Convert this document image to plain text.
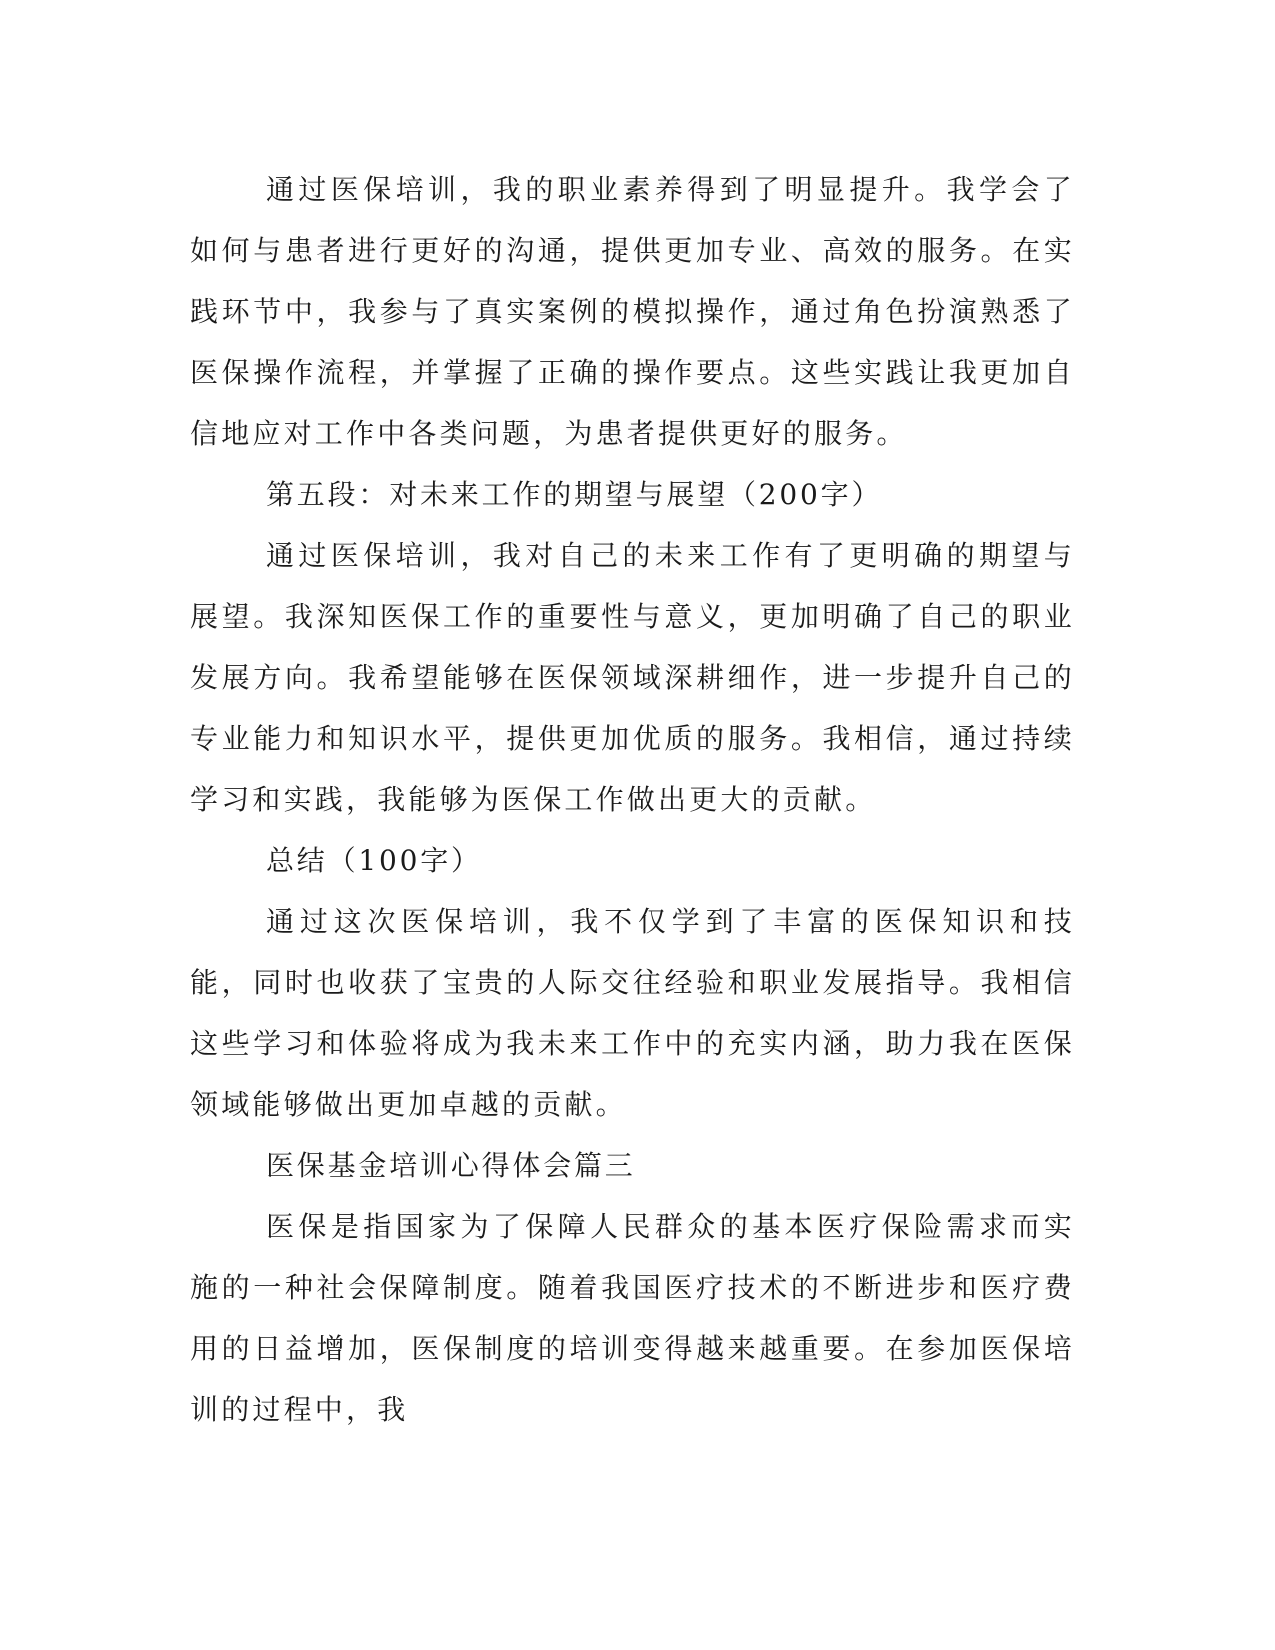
通过医保培训，我的职业素养得到了明显提升。我学会了如何与患者进行更好的沟通，提供更加专业、高效的服务。在实践环节中，我参与了真实案例的模拟操作，通过角色扮演熟悉了医保操作流程，并掌握了正确的操作要点。这些实践让我更加自信地应对工作中各类问题，为患者提供更好的服务。

第五段：对未来工作的期望与展望（200字）

通过医保培训，我对自己的未来工作有了更明确的期望与展望。我深知医保工作的重要性与意义，更加明确了自己的职业发展方向。我希望能够在医保领域深耕细作，进一步提升自己的专业能力和知识水平，提供更加优质的服务。我相信，通过持续学习和实践，我能够为医保工作做出更大的贡献。

总结（100字）

通过这次医保培训，我不仅学到了丰富的医保知识和技能，同时也收获了宝贵的人际交往经验和职业发展指导。我相信这些学习和体验将成为我未来工作中的充实内涵，助力我在医保领域能够做出更加卓越的贡献。

医保基金培训心得体会篇三

医保是指国家为了保障人民群众的基本医疗保险需求而实施的一种社会保障制度。随着我国医疗技术的不断进步和医疗费用的日益增加，医保制度的培训变得越来越重要。在参加医保培训的过程中，我
